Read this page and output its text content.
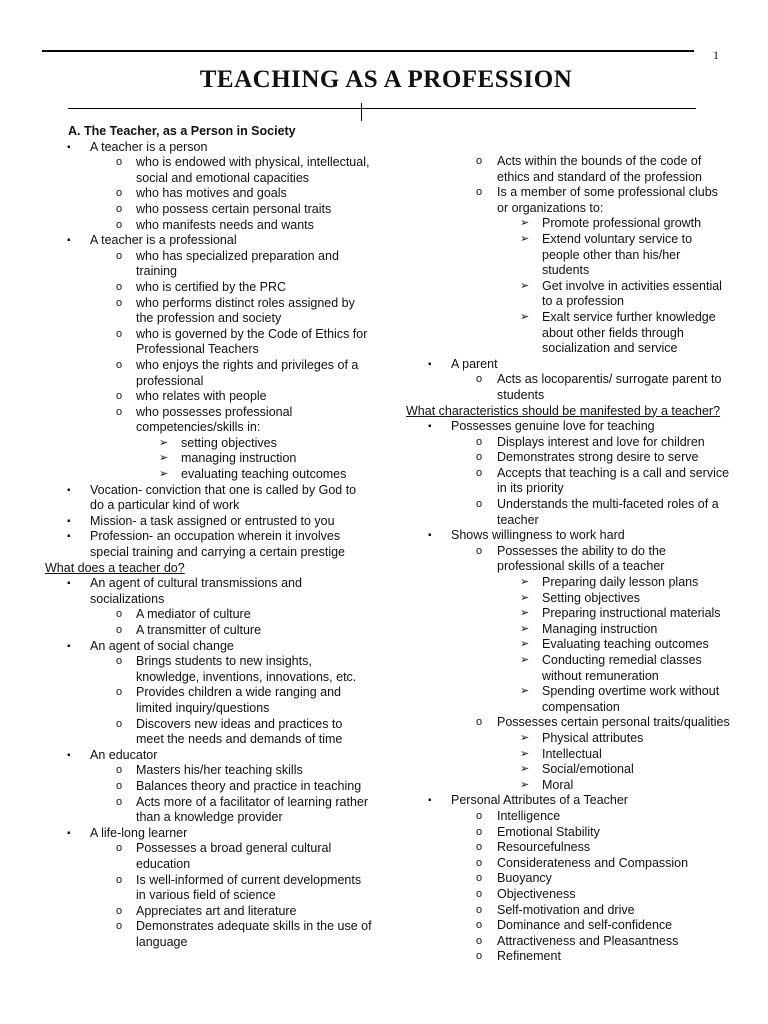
1
TEACHING AS A PROFESSION
A. The Teacher, as a Person in Society
▪ A teacher is a person
o who is endowed with physical, intellectual, social and emotional capacities
o who has motives and goals
o who possess certain personal traits
o who manifests needs and wants
▪ A teacher is a professional
o who has specialized preparation and training
o who is certified by the PRC
o who performs distinct roles assigned by the profession and society
o who is governed by the Code of Ethics for Professional Teachers
o who enjoys the rights and privileges of a professional
o who relates with people
o who possesses professional competencies/skills in:
➢ setting objectives
➢ managing instruction
➢ evaluating teaching outcomes
▪ Vocation- conviction that one is called by God to do a particular kind of work
▪ Mission- a task assigned or entrusted to you
▪ Profession- an occupation wherein it involves special training and carrying a certain prestige
What does a teacher do?
▪ An agent of cultural transmissions and socializations
o A mediator of culture
o A transmitter of culture
▪ An agent of social change
o Brings students to new insights, knowledge, inventions, innovations, etc.
o Provides children a wide ranging and limited inquiry/questions
o Discovers new ideas and practices to meet the needs and demands of time
▪ An educator
o Masters his/her teaching skills
o Balances theory and practice in teaching
o Acts more of a facilitator of learning rather than a knowledge provider
▪ A life-long learner
o Possesses a broad general cultural education
o Is well-informed of current developments in various field of science
o Appreciates art and literature
o Demonstrates adequate skills in the use of language
o Acts within the bounds of the code of ethics and standard of the profession
o Is a member of some professional clubs or organizations to:
➢ Promote professional growth
➢ Extend voluntary service to people other than his/her students
➢ Get involve in activities essential to a profession
➢ Exalt service further knowledge about other fields through socialization and service
▪ A parent
o Acts as locoparentis/ surrogate parent to students
What characteristics should be manifested by a teacher?
▪ Possesses genuine love for teaching
o Displays interest and love for children
o Demonstrates strong desire to serve
o Accepts that teaching is a call and service in its priority
o Understands the multi-faceted roles of a teacher
▪ Shows willingness to work hard
o Possesses the ability to do the professional skills of a teacher
➢ Preparing daily lesson plans
➢ Setting objectives
➢ Preparing instructional materials
➢ Managing instruction
➢ Evaluating teaching outcomes
➢ Conducting remedial classes without remuneration
➢ Spending overtime work without compensation
o Possesses certain personal traits/qualities
➢ Physical attributes
➢ Intellectual
➢ Social/emotional
➢ Moral
▪ Personal Attributes of a Teacher
o Intelligence
o Emotional Stability
o Resourcefulness
o Considerateness and Compassion
o Buoyancy
o Objectiveness
o Self-motivation and drive
o Dominance and self-confidence
o Attractiveness and Pleasantness
o Refinement
